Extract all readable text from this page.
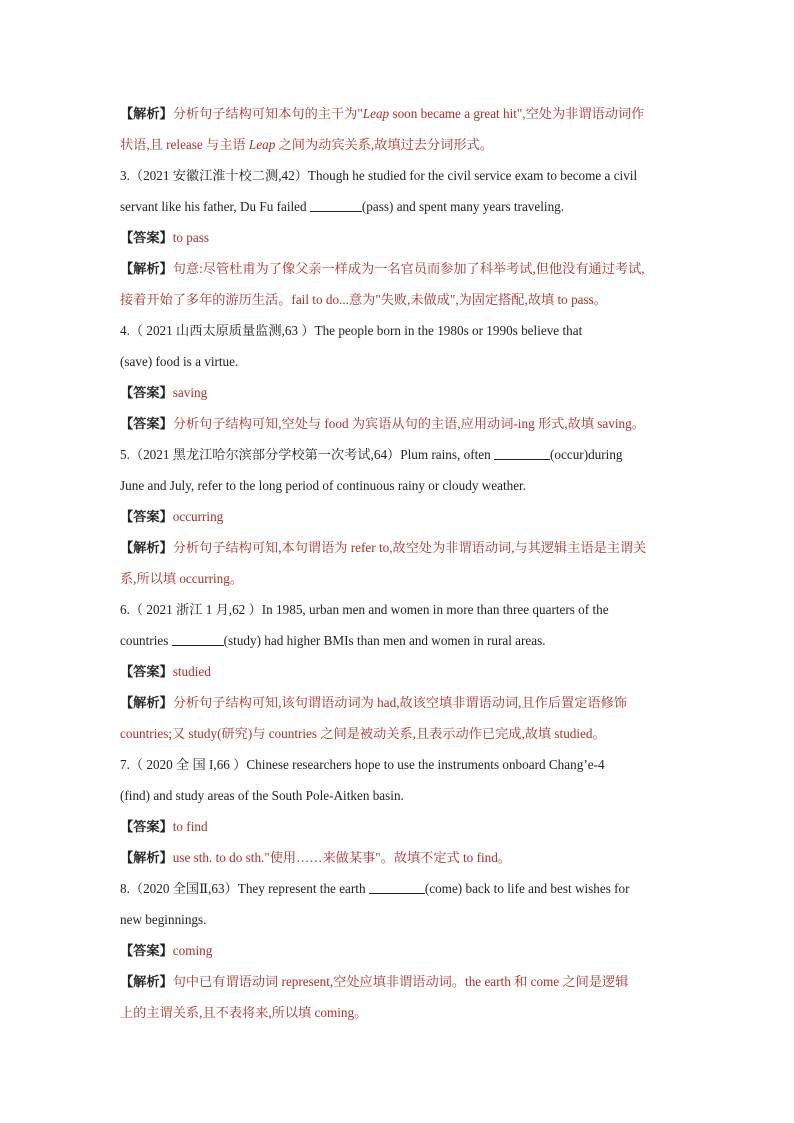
【解析】分析句子结构可知本句的主干为"Leap soon became a great hit",空处为非谓语动词作
状语,且 release 与主语 Leap 之间为动宾关系,故填过去分词形式。
3.（2021 安徽江淮十校二测,42）Though he studied for the civil service exam to become a civil
servant like his father, Du Fu failed	(pass) and spent many years traveling.
【答案】to pass
【解析】句意:尽管杜甫为了像父亲一样成为一名官员而参加了科举考试,但他没有通过考试,
接着开始了多年的游历生活。fail to do...意为"失败,未做成",为固定搭配,故填 to pass。
4.（ 2021 山西太原质量监测,63 ）The people born in the 1980s or 1990s believe that
(save) food is a virtue.
【答案】saving
【答案】分析句子结构可知,空处与 food 为宾语从句的主语,应用动词-ing 形式,故填 saving。
5.（2021 黑龙江哈尔滨部分学校第一次考试,64）Plum rains, often	(occur)during
June and July, refer to the long period of continuous rainy or cloudy weather.
【答案】occurring
【解析】分析句子结构可知,本句谓语为 refer to,故空处为非谓语动词,与其逻辑主语是主谓关
系,所以填 occurring。
6.（ 2021 浙江 1 月,62 ）In 1985, urban men and women in more than three quarters of the
countries	(study) had higher BMIs than men and women in rural areas.
【答案】studied
【解析】分析句子结构可知,该句谓语动词为 had,故该空填非谓语动词,且作后置定语修饰
countries;又 study(研究)与 countries 之间是被动关系,且表示动作已完成,故填 studied。
7.（ 2020 全 国 I,66 ）Chinese researchers hope to use the instruments onboard Chang’e-4
(find) and study areas of the South Pole-Aitken basin.
【答案】to find
【解析】use sth. to do sth."使用……来做某事"。故填不定式 to find。
8.（2020 全国Ⅱ,63）They represent the earth	(come) back to life and best wishes for
new beginnings.
【答案】coming
【解析】句中已有谓语动词 represent,空处应填非谓语动词。the earth 和 come 之间是逻辑
上的主谓关系,且不表将来,所以填 coming。
